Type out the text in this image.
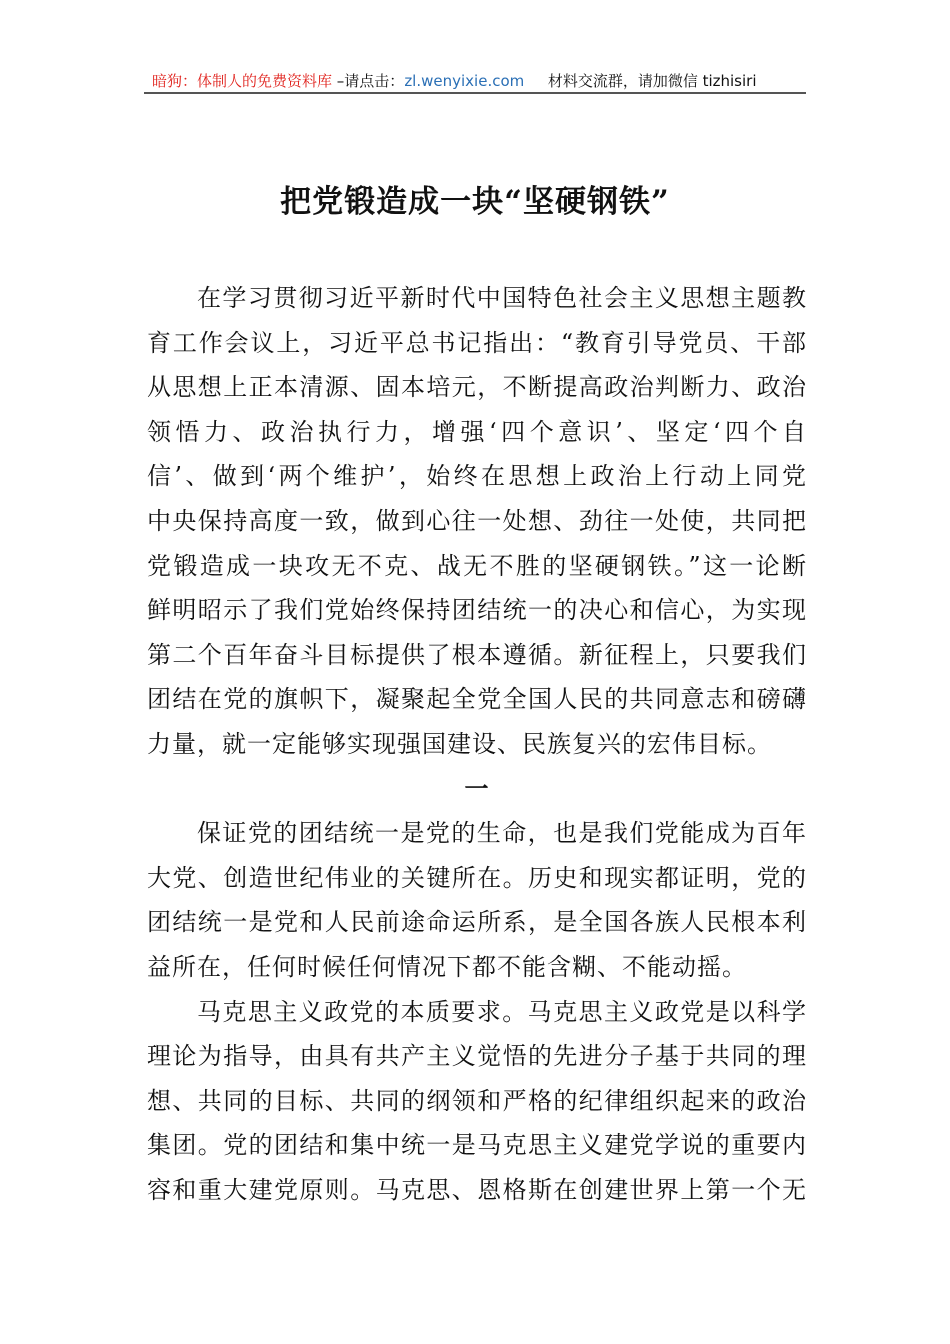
暗狗：体制人的免费资料库 –请点击：zl.wenyixie.com 材料交流群，请加微信 tizhisiri
把党锻造成一块“坚硬钢铁”
在学习贯彻习近平新时代中国特色社会主义思想主题教
育工作会议上，习近平总书记指出：“教育引导党员、干部
从思想上正本清源、固本培元，不断提高政治判断力、政治
领悟力、政治执行力，增强‘四个意识’、坚定‘四个自
信’、做到‘两个维护’，始终在思想上政治上行动上同党
中央保持高度一致，做到心往一处想、劲往一处使，共同把
党锻造成一块攻无不克、战无不胜的坚硬钢铁。”这一论断
鲜明昭示了我们党始终保持团结统一的决心和信心，为实现
第二个百年奋斗目标提供了根本遵循。新征程上，只要我们
团结在党的旗帜下，凝聚起全党全国人民的共同意志和磅礴
力量，就一定能够实现强国建设、民族复兴的宏伟目标。
一
保证党的团结统一是党的生命，也是我们党能成为百年
大党、创造世纪伟业的关键所在。历史和现实都证明，党的
团结统一是党和人民前途命运所系，是全国各族人民根本利
益所在，任何时候任何情况下都不能含糊、不能动摇。
马克思主义政党的本质要求。马克思主义政党是以科学
理论为指导，由具有共产主义觉悟的先进分子基于共同的理
想、共同的目标、共同的纲领和严格的纪律组织起来的政治
集团。党的团结和集中统一是马克思主义建党学说的重要内
容和重大建党原则。马克思、恩格斯在创建世界上第一个无
